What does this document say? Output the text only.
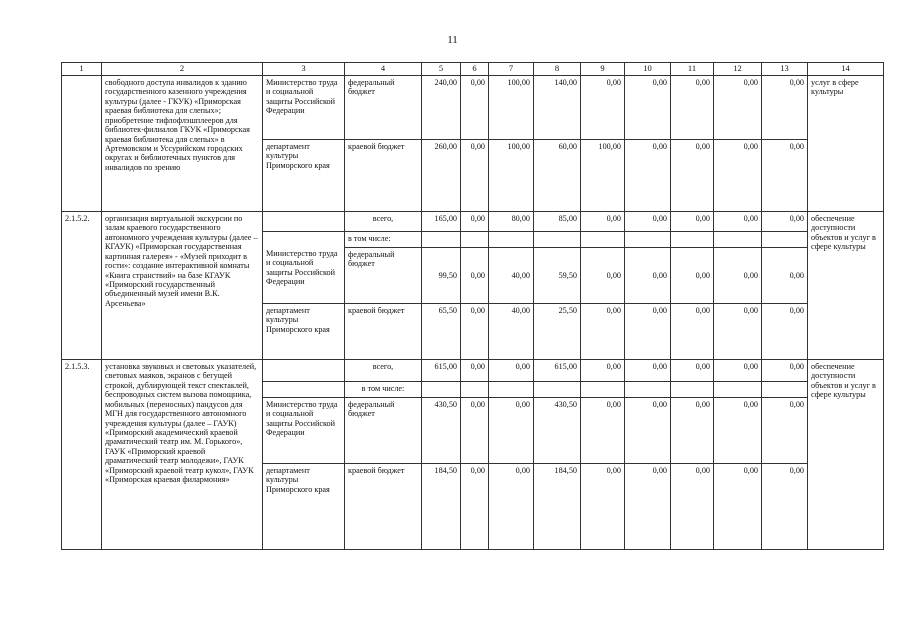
11
1	2	3	4	5	6	7	8	9	10	11	12	13	14
	свободного доступа инвалидов к зданию государственного казенного учреждения культуры (далее - ГКУК) «Приморская краевая библиотека для слепых»; приобретение тифлофлэшплееров для библиотек-филиалов ГКУК «Приморская краевая библиотека для слепых» в Артемовском и Уссурийском городских округах и библиотечных пунктов для инвалидов по зрению	Министерство труда и социальной защиты Российской Федерации	федеральный бюджет	240,00	0,00	100,00	140,00	0,00	0,00	0,00	0,00	0,00	услуг в сфере культуры
		департамент культуры Приморского края	краевой бюджет	260,00	0,00	100,00	60,00	100,00	0,00	0,00	0,00	0,00	
2.1.5.2.	организация виртуальной экскурсии по залам краевого государственного автономного учреждения культуры (далее – КГАУК) «Приморская государственная картинная галерея» - «Музей приходит в гости»: создание интерактивной комнаты «Книга странствий» на базе КГАУК «Приморский государственный объединенный музей имени В.К. Арсеньева»		всего,	165,00	0,00	80,00	85,00	0,00	0,00	0,00	0,00	0,00	обеспечение доступности объектов и услуг в сфере культуры
		Министерство труда и социальной защиты Российской Федерации	в том числе:										
			федеральный бюджет	99,50	0,00	40,00	59,50	0,00	0,00	0,00	0,00	0,00	
		департамент культуры Приморского края	краевой бюджет	65,50	0,00	40,00	25,50	0,00	0,00	0,00	0,00	0,00	
2.1.5.3.	установка звуковых и световых указателей, световых маяков, экранов с бегущей строкой, дублирующей текст спектаклей, беспроводных систем вызова помощника, мобильных (переносных) пандусов для МГН для государственного автономного учреждения культуры (далее – ГАУК) «Приморский академический краевой драматический театр им. М. Горького», ГАУК «Приморский краевой драматический театр молодежи», ГАУК «Приморский краевой театр кукол», ГАУК «Приморская краевая филармония»		всего,	615,00	0,00	0,00	615,00	0,00	0,00	0,00	0,00	0,00	обеспечение доступности объектов и услуг в сфере культуры
			в том числе:										
		Министерство труда и социальной защиты Российской Федерации	федеральный бюджет	430,50	0,00	0,00	430,50	0,00	0,00	0,00	0,00	0,00	
		департамент культуры Приморского края	краевой бюджет	184,50	0,00	0,00	184,50	0,00	0,00	0,00	0,00	0,00	
